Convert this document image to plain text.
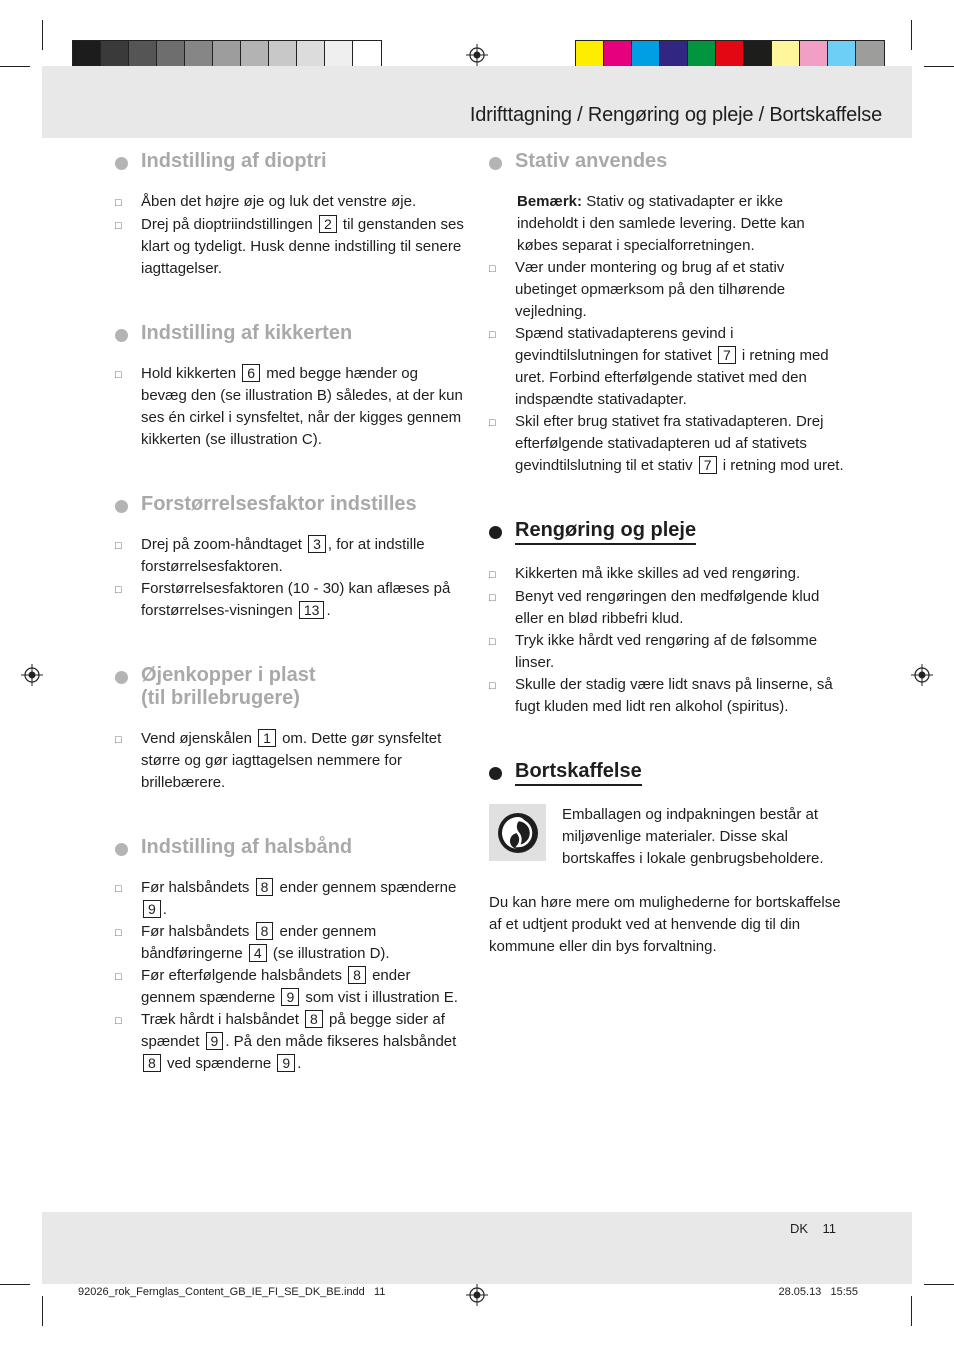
Idrifttagning / Rengøring og pleje / Bortskaffelse
Indstilling af dioptri
□	Åben det højre øje og luk det venstre øje.
□	Drej på dioptriindstillingen 2 til genstanden ses klart og tydeligt. Husk denne indstilling til senere iagttagelser.
Indstilling af kikkerten
□	Hold kikkerten 6 med begge hænder og bevæg den (se illustration B) således, at der kun ses én cirkel i synsfeltet, når der kigges gennem kikkerten (se illustration C).
Forstørrelsesfaktor indstilles
□	Drej på zoom-håndtaget 3 , for at indstille forstørrelsesfaktoren.
□	Forstørrelsesfaktoren (10 - 30) kan aflæses på forstørrelses-visningen 13 .
Øjenkopper i plast
(til brillebrugere)
□	Vend øjenskålen 1 om. Dette gør synsfeltet større og gør iagttagelsen nemmere for brillebærere.
Indstilling af halsbånd
□	Før halsbåndets 8 ender gennem spænderne 9 .
□	Før halsbåndets 8 ender gennem båndføringerne 4 (se illustration D).
□	Før efterfølgende halsbåndets 8 ender gennem spænderne 9 som vist i illustration E.
□	Træk hårdt i halsbåndet 8 på begge sider af spændet 9 . På den måde fikseres halsbåndet 8 ved spænderne 9 .
Stativ anvendes
Bemærk: Stativ og stativadapter er ikke indeholdt i den samlede levering. Dette kan købes separat i specialforretningen.
□	Vær under montering og brug af et stativ ubetinget opmærksom på den tilhørende vejledning.
□	Spænd stativadapterens gevind i gevindtilslutningen for stativet 7 i retning med uret. Forbind efterfølgende stativet med den indspændte stativadapter.
□	Skil efter brug stativet fra stativadapteren. Drej efterfølgende stativadapteren ud af stativets gevindtilslutning til et stativ 7 i retning mod uret.
Rengøring og pleje
□	Kikkerten må ikke skilles ad ved rengøring.
□	Benyt ved rengøringen den medfølgende klud eller en blød ribbefri klud.
□	Tryk ikke hårdt ved rengøring af de følsomme linser.
□	Skulle der stadig være lidt snavs på linserne, så fugt kluden med lidt ren alkohol (spiritus).
Bortskaffelse
Emballagen og indpakningen består at miljøvenlige materialer. Disse skal bortskaffes i lokale genbrugsbeholdere.
Du kan høre mere om mulighederne for bortskaffelse af et udtjent produkt ved at henvende dig til din kommune eller din bys forvaltning.
DK    11
92026_rok_Fernglas_Content_GB_IE_FI_SE_DK_BE.indd   11	28.05.13   15:55
